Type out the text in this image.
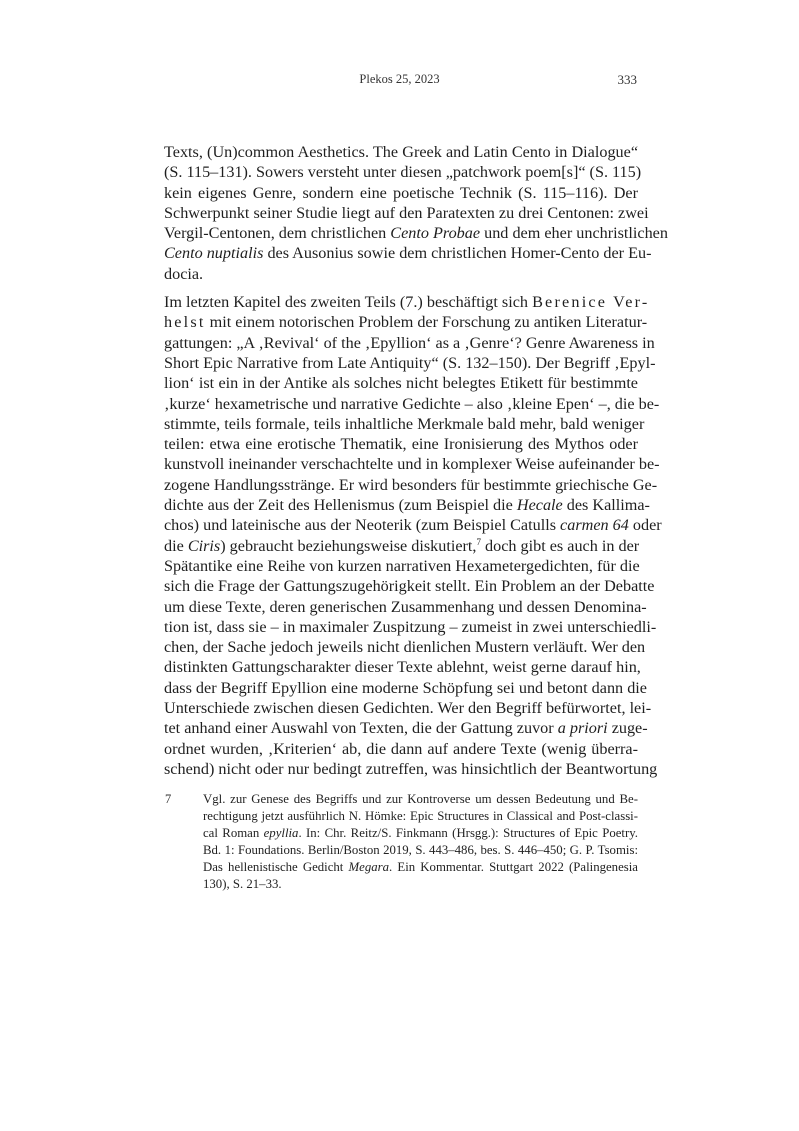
Plekos 25, 2023	333
Texts, (Un)common Aesthetics. The Greek and Latin Cento in Dialogue“
(S. 115–131). Sowers versteht unter diesen „patchwork poem[s]“ (S. 115)
kein eigenes Genre, sondern eine poetische Technik (S. 115–116). Der
Schwerpunkt seiner Studie liegt auf den Paratexten zu drei Centonen: zwei
Vergil-Centonen, dem christlichen Cento Probae und dem eher unchristlichen
Cento nuptialis des Ausonius sowie dem christlichen Homer-Cento der Eu-
docia.
Im letzten Kapitel des zweiten Teils (7.) beschäftigt sich Berenice Ver-
helst mit einem notorischen Problem der Forschung zu antiken Literatur-
gattungen: „A ‚Revival‘ of the ‚Epyllion‘ as a ‚Genre‘? Genre Awareness in
Short Epic Narrative from Late Antiquity“ (S. 132–150). Der Begriff ‚Epyl-
lion‘ ist ein in der Antike als solches nicht belegtes Etikett für bestimmte
‚kurze‘ hexametrische und narrative Gedichte – also ‚kleine Epen‘ –, die be-
stimmte, teils formale, teils inhaltliche Merkmale bald mehr, bald weniger
teilen: etwa eine erotische Thematik, eine Ironisierung des Mythos oder
kunstvoll ineinander verschachtelte und in komplexer Weise aufeinander be-
zogene Handlungsstränge. Er wird besonders für bestimmte griechische Ge-
dichte aus der Zeit des Hellenismus (zum Beispiel die Hecale des Kallima-
chos) und lateinische aus der Neoterik (zum Beispiel Catulls carmen 64 oder
die Ciris) gebraucht beziehungsweise diskutiert,$^7$ doch gibt es auch in der
Spätantike eine Reihe von kurzen narrativen Hexametergedichten, für die
sich die Frage der Gattungszugehörigkeit stellt. Ein Problem an der Debatte
um diese Texte, deren generischen Zusammenhang und dessen Denomina-
tion ist, dass sie – in maximaler Zuspitzung – zumeist in zwei unterschiedli-
chen, der Sache jedoch jeweils nicht dienlichen Mustern verläuft. Wer den
distinkten Gattungscharakter dieser Texte ablehnt, weist gerne darauf hin,
dass der Begriff Epyllion eine moderne Schöpfung sei und betont dann die
Unterschiede zwischen diesen Gedichten. Wer den Begriff befürwortet, lei-
tet anhand einer Auswahl von Texten, die der Gattung zuvor a priori zuge-
ordnet wurden, ‚Kriterien‘ ab, die dann auf andere Texte (wenig überra-
schend) nicht oder nur bedingt zutreffen, was hinsichtlich der Beantwortung
7 Vgl. zur Genese des Begriffs und zur Kontroverse um dessen Bedeutung und Be-
rechtigung jetzt ausführlich N. Hömke: Epic Structures in Classical and Post-classi-
cal Roman epyllia. In: Chr. Reitz/S. Finkmann (Hrsgg.): Structures of Epic Poetry.
Bd. 1: Foundations. Berlin/Boston 2019, S. 443–486, bes. S. 446–450; G. P. Tsomis:
Das hellenistische Gedicht Megara. Ein Kommentar. Stuttgart 2022 (Palingenesia
130), S. 21–33.
